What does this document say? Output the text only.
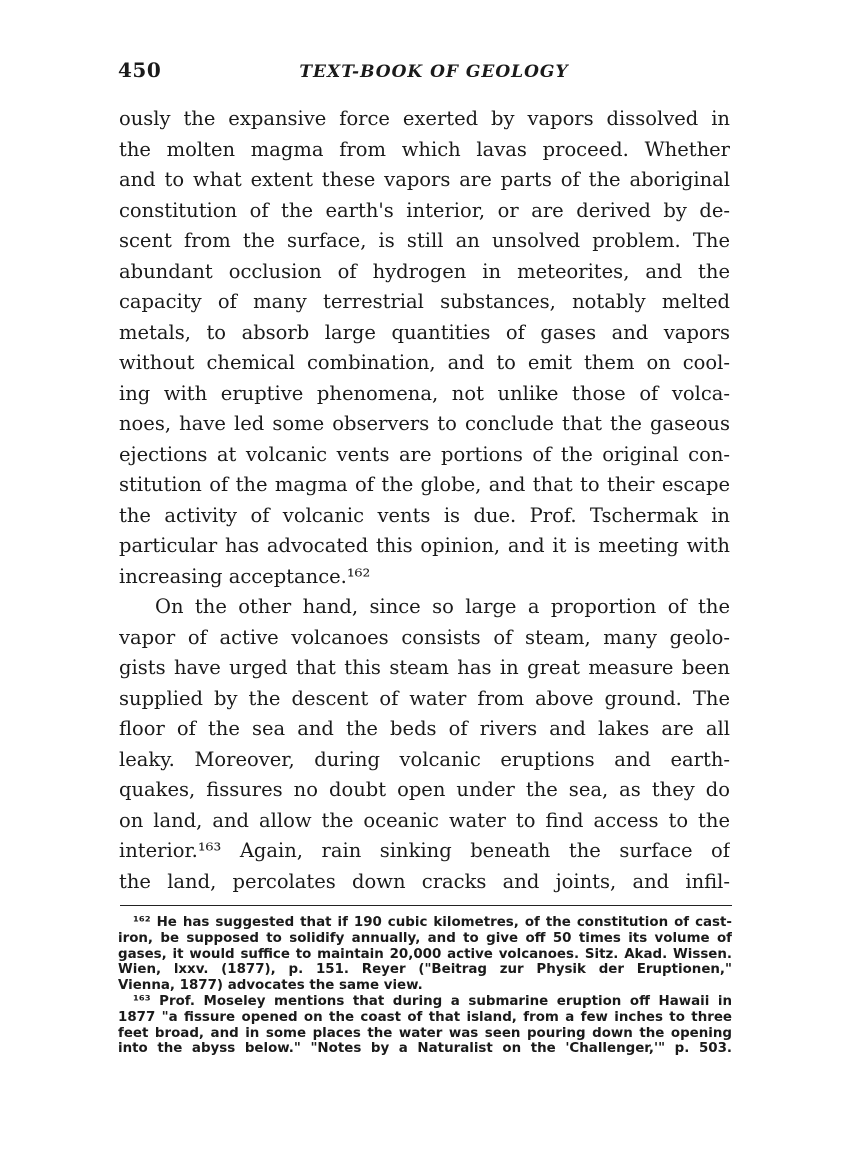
450	TEXT-BOOK OF GEOLOGY
ously the expansive force exerted by vapors dissolved in
the molten magma from which lavas proceed. Whether
and to what extent these vapors are parts of the aboriginal
constitution of the earth's interior, or are derived by de-
scent from the surface, is still an unsolved problem. The
abundant occlusion of hydrogen in meteorites, and the
capacity of many terrestrial substances, notably melted
metals, to absorb large quantities of gases and vapors
without chemical combination, and to emit them on cool-
ing with eruptive phenomena, not unlike those of volca-
noes, have led some observers to conclude that the gaseous
ejections at volcanic vents are portions of the original con-
stitution of the magma of the globe, and that to their escape
the activity of volcanic vents is due. Prof. Tschermak in
particular has advocated this opinion, and it is meeting with
increasing acceptance.¹⁶²
On the other hand, since so large a proportion of the
vapor of active volcanoes consists of steam, many geolo-
gists have urged that this steam has in great measure been
supplied by the descent of water from above ground. The
floor of the sea and the beds of rivers and lakes are all
leaky. Moreover, during volcanic eruptions and earth-
quakes, fissures no doubt open under the sea, as they do
on land, and allow the oceanic water to find access to the
interior.¹⁶³ Again, rain sinking beneath the surface of
the land, percolates down cracks and joints, and infil-
¹⁶² He has suggested that if 190 cubic kilometres, of the constitution of cast-
iron, be supposed to solidify annually, and to give off 50 times its volume of
gases, it would suffice to maintain 20,000 active volcanoes. Sitz. Akad. Wissen.
Wien, lxxv. (1877), p. 151. Reyer ("Beitrag zur Physik der Eruptionen,"
Vienna, 1877) advocates the same view.
¹⁶³ Prof. Moseley mentions that during a submarine eruption off Hawaii in
1877 "a fissure opened on the coast of that island, from a few inches to three
feet broad, and in some places the water was seen pouring down the opening
into the abyss below." "Notes by a Naturalist on the 'Challenger,'" p. 503.
